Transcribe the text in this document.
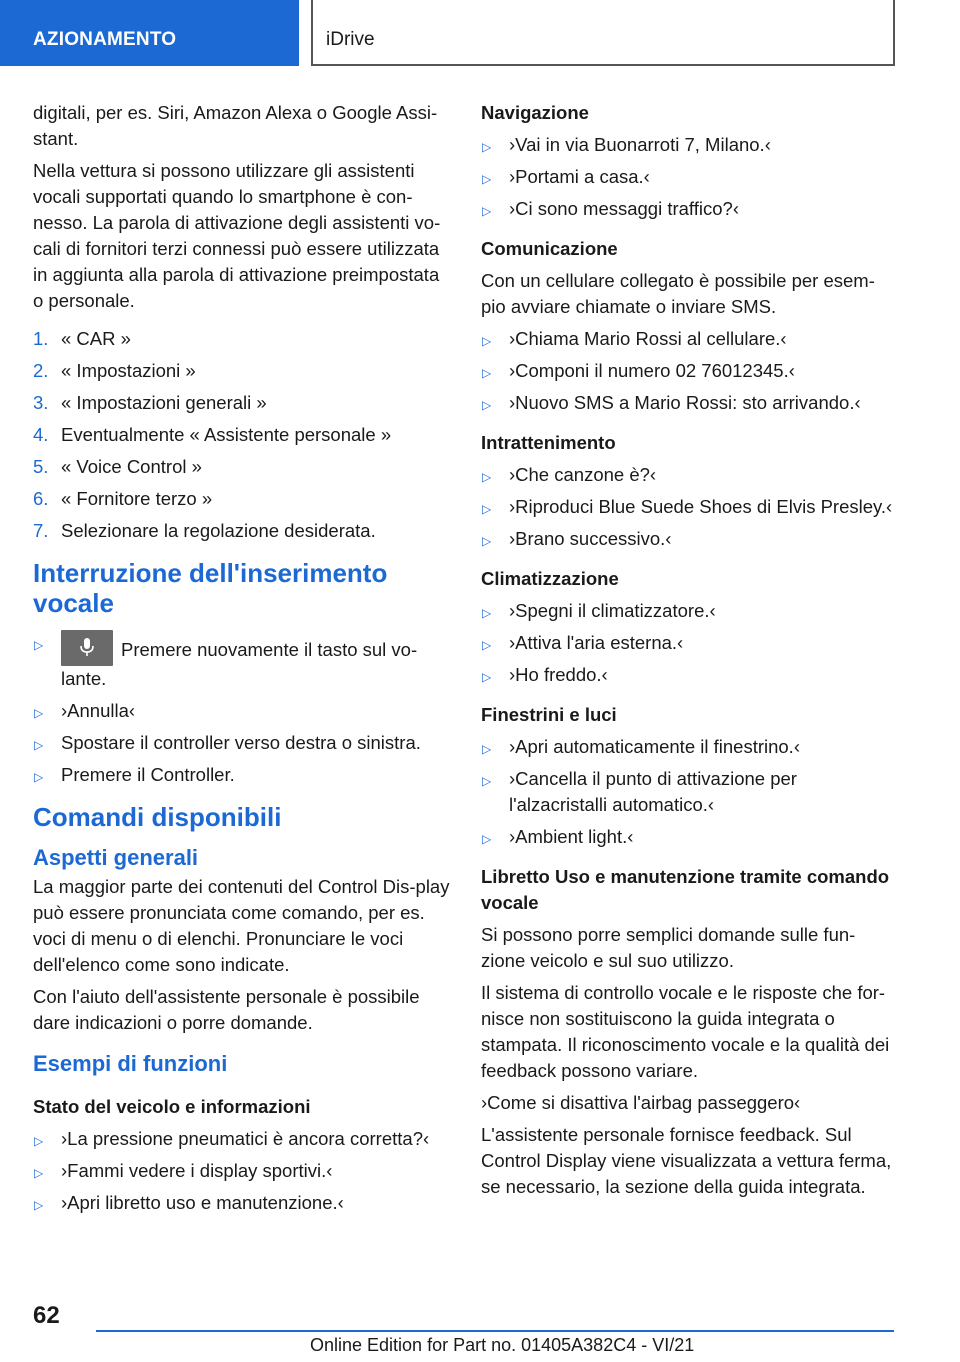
AZIONAMENTO	iDrive

digitali, per es. Siri, Amazon Alexa o Google Assi-stant.

Nella vettura si possono utilizzare gli assistenti vocali supportati quando lo smartphone è con-nesso. La parola di attivazione degli assistenti vo-cali di fornitori terzi connessi può essere utilizzata in aggiunta alla parola di attivazione preimpostata o personale.

1. « CAR »
2. « Impostazioni »
3. « Impostazioni generali »
4. Eventualmente « Assistente personale »
5. « Voice Control »
6. « Fornitore terzo »
7. Selezionare la regolazione desiderata.
Interruzione dell'inserimento vocale
▷	Premere nuovamente il tasto sul vo-lante.
▷ ›Annulla‹
▷ Spostare il controller verso destra o sinistra.
▷ Premere il Controller.
Comandi disponibili
Aspetti generali

La maggior parte dei contenuti del Control Dis-play può essere pronunciata come comando, per es. voci di menu o di elenchi. Pronunciare le voci dell'elenco come sono indicate.

Con l'aiuto dell'assistente personale è possibile dare indicazioni o porre domande.

Esempi di funzioni
Stato del veicolo e informazioni
▷ ›La pressione pneumatici è ancora corretta?‹
▷ ›Fammi vedere i display sportivi.‹
▷ ›Apri libretto uso e manutenzione.‹
Navigazione
▷ ›Vai in via Buonarroti 7, Milano.‹
▷ ›Portami a casa.‹
▷ ›Ci sono messaggi traffico?‹
Comunicazione

Con un cellulare collegato è possibile per esem-pio avviare chiamate o inviare SMS.

▷ ›Chiama Mario Rossi al cellulare.‹
▷ ›Componi il numero 02 76012345.‹
▷ ›Nuovo SMS a Mario Rossi: sto arrivando.‹
Intrattenimento
▷ ›Che canzone è?‹
▷ ›Riproduci Blue Suede Shoes di Elvis Presley.‹
▷ ›Brano successivo.‹
Climatizzazione
▷ ›Spegni il climatizzatore.‹
▷ ›Attiva l'aria esterna.‹
▷ ›Ho freddo.‹
Finestrini e luci
▷ ›Apri automaticamente il finestrino.‹
▷ ›Cancella il punto di attivazione per l'alzacristalli automatico.‹
▷ ›Ambient light.‹
Libretto Uso e manutenzione tramite comando vocale

Si possono porre semplici domande sulle fun-zione veicolo e sul suo utilizzo.

Il sistema di controllo vocale e le risposte che for-nisce non sostituiscono la guida integrata o stampata. Il riconoscimento vocale e la qualità dei feedback possono variare.

›Come si disattiva l'airbag passeggero‹

L'assistente personale fornisce feedback. Sul Control Display viene visualizzata a vettura ferma, se necessario, la sezione della guida integrata.

62
Online Edition for Part no. 01405A382C4 - VI/21
